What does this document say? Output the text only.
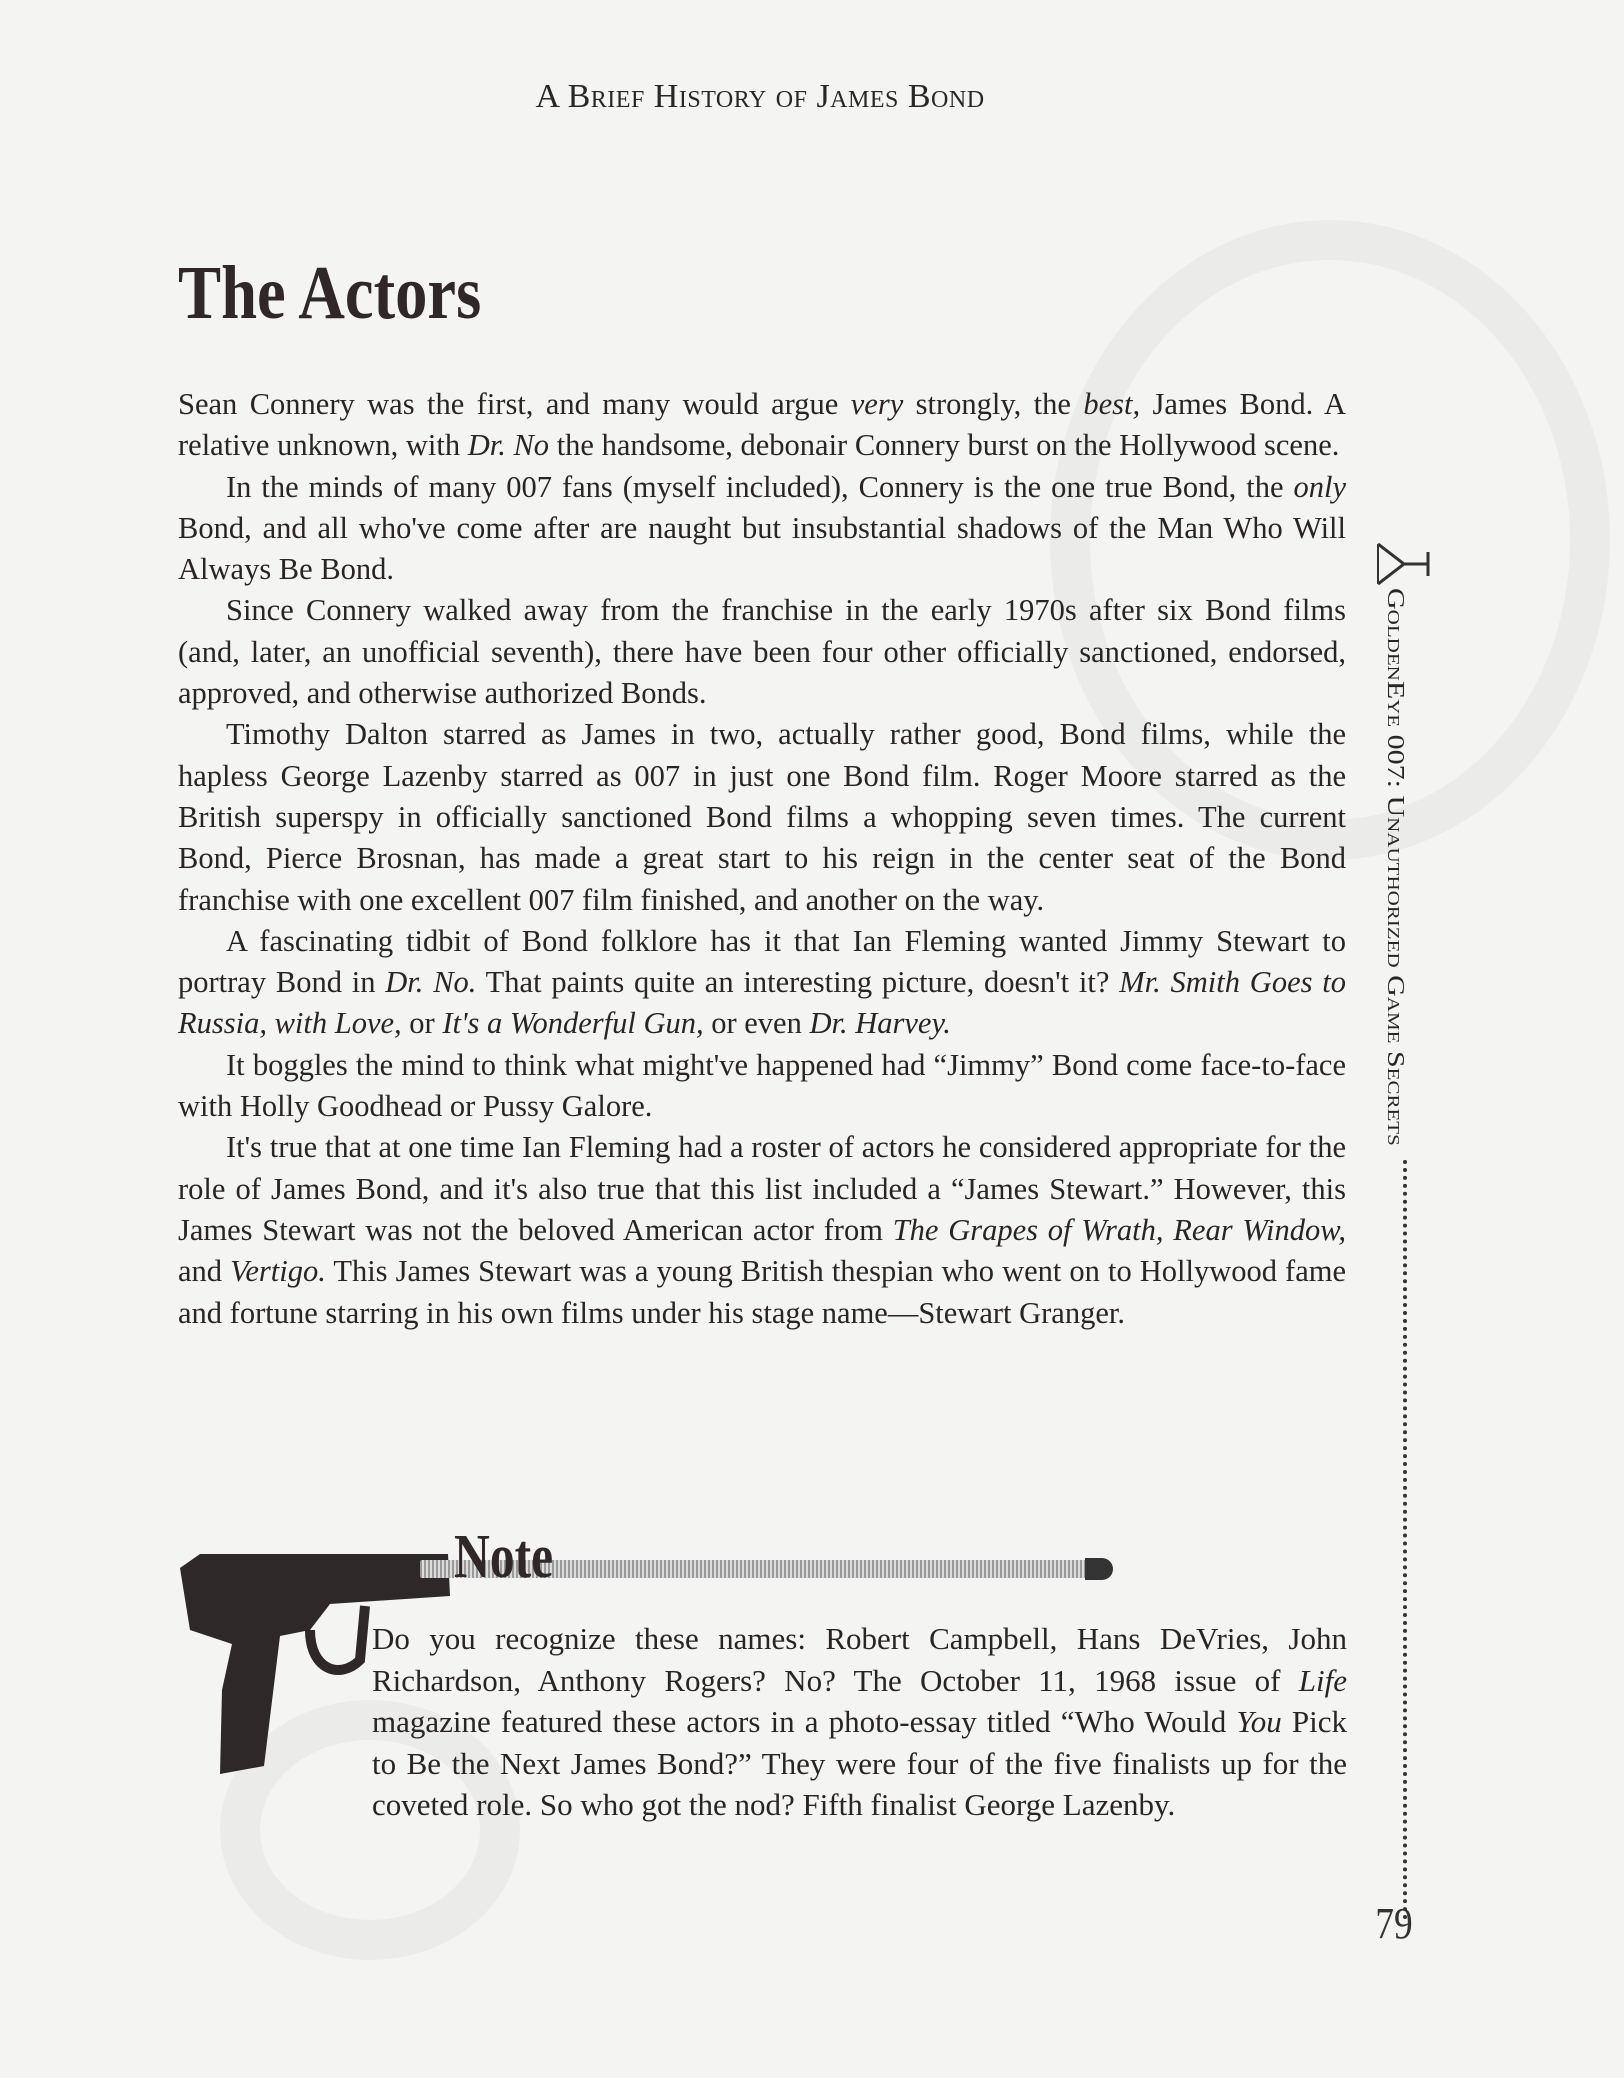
A Brief History of James Bond
The Actors

Sean Connery was the first, and many would argue very strongly, the best, James Bond. A relative unknown, with Dr. No the handsome, debonair Connery burst on the Hollywood scene.

In the minds of many 007 fans (myself included), Connery is the one true Bond, the only Bond, and all who've come after are naught but insubstantial shadows of the Man Who Will Always Be Bond.

Since Connery walked away from the franchise in the early 1970s after six Bond films (and, later, an unofficial seventh), there have been four other officially sanctioned, endorsed, approved, and otherwise authorized Bonds.

Timothy Dalton starred as James in two, actually rather good, Bond films, while the hapless George Lazenby starred as 007 in just one Bond film. Roger Moore starred as the British superspy in officially sanctioned Bond films a whopping seven times. The current Bond, Pierce Brosnan, has made a great start to his reign in the center seat of the Bond franchise with one excellent 007 film finished, and another on the way.

A fascinating tidbit of Bond folklore has it that Ian Fleming wanted Jimmy Stewart to portray Bond in Dr. No. That paints quite an interesting picture, doesn't it? Mr. Smith Goes to Russia, with Love, or It's a Wonderful Gun, or even Dr. Harvey.

It boggles the mind to think what might've happened had “Jimmy” Bond come face-to-face with Holly Goodhead or Pussy Galore.

It's true that at one time Ian Fleming had a roster of actors he considered appropriate for the role of James Bond, and it's also true that this list included a “James Stewart.” However, this James Stewart was not the beloved American actor from The Grapes of Wrath, Rear Window, and Vertigo. This James Stewart was a young British thespian who went on to Hollywood fame and fortune starring in his own films under his stage name—Stewart Granger.

GoldenEye 007: Unauthorized Game Secrets
79
Note
Do you recognize these names: Robert Campbell, Hans DeVries, John Richardson, Anthony Rogers? No? The October 11, 1968 issue of Life magazine featured these actors in a photo-essay titled “Who Would You Pick to Be the Next James Bond?” They were four of the five finalists up for the coveted role. So who got the nod? Fifth finalist George Lazenby.
